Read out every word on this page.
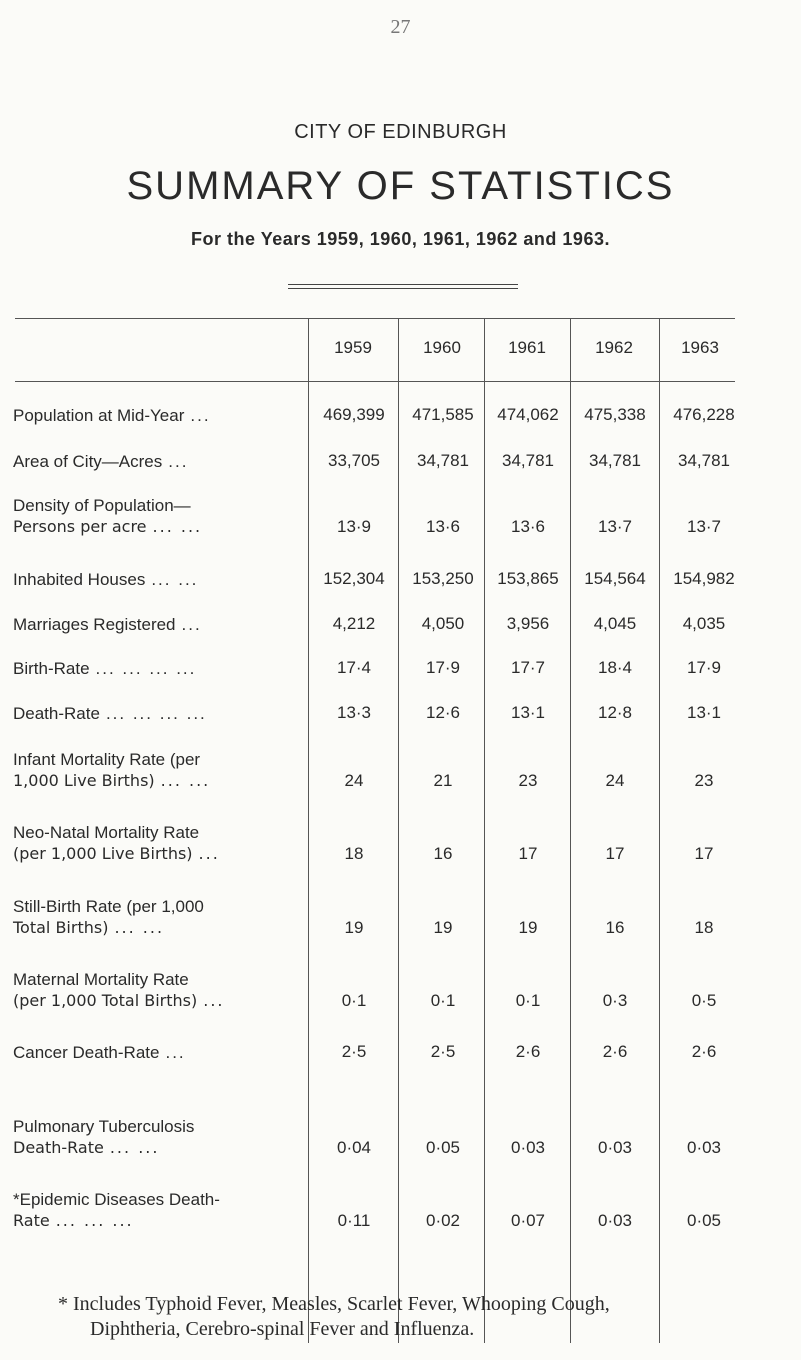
27
CITY OF EDINBURGH
SUMMARY OF STATISTICS
For the Years 1959, 1960, 1961, 1962 and 1963.
1959	1960	1961	1962	1963
Population at Mid-Year ...	469,399	471,585	474,062	475,338	476,228
Area of City—Acres ...	33,705	34,781	34,781	34,781	34,781
Density of Population—
Persons per acre ... ...	13·9	13·6	13·6	13·7	13·7
Inhabited Houses ... ...	152,304	153,250	153,865	154,564	154,982
Marriages Registered ...	4,212	4,050	3,956	4,045	4,035
Birth-Rate ... ... ... ...	17·4	17·9	17·7	18·4	17·9
Death-Rate ... ... ... ...	13·3	12·6	13·1	12·8	13·1
Infant Mortality Rate (per
1,000 Live Births) ... ...	24	21	23	24	23
Neo-Natal Mortality Rate
(per 1,000 Live Births) ...	18	16	17	17	17
Still-Birth Rate (per 1,000
Total Births) ... ...	19	19	19	16	18
Maternal Mortality Rate
(per 1,000 Total Births) ...	0·1	0·1	0·1	0·3	0·5
Cancer Death-Rate ...	2·5	2·5	2·6	2·6	2·6
Pulmonary Tuberculosis
Death-Rate ... ...	0·04	0·05	0·03	0·03	0·03
*Epidemic Diseases Death-
Rate ... ... ...	0·11	0·02	0·07	0·03	0·05
* Includes Typhoid Fever, Measles, Scarlet Fever, Whooping Cough,
Diphtheria, Cerebro-spinal Fever and Influenza.
